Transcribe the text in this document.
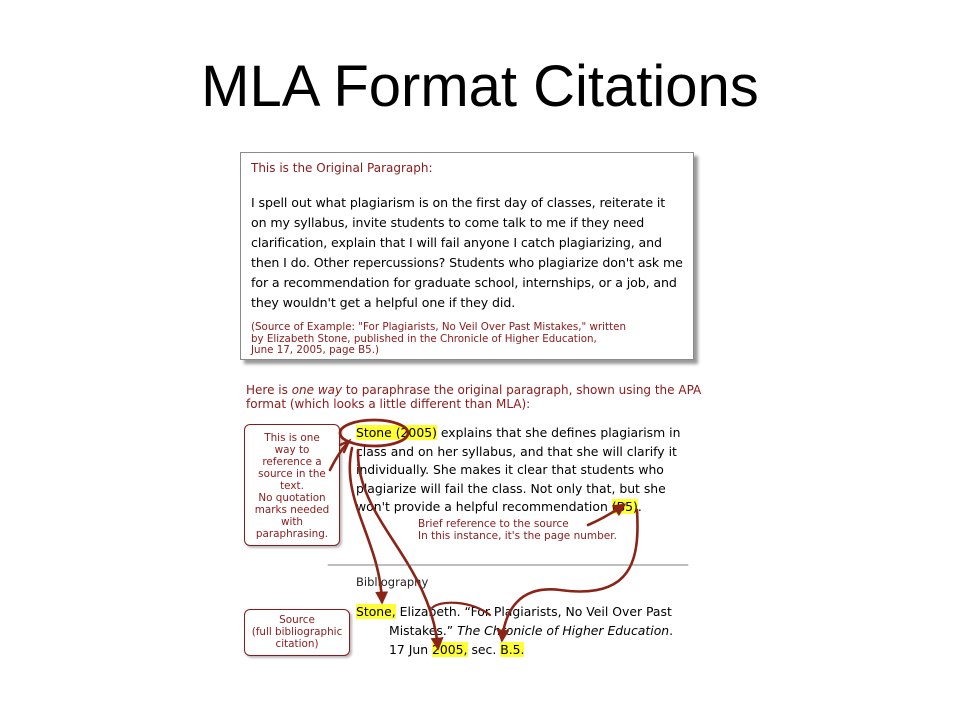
MLA Format Citations

This is the Original Paragraph:

I spell out what plagiarism is on the first day of classes, reiterate it on my syllabus, invite students to come talk to me if they need clarification, explain that I will fail anyone I catch plagiarizing, and then I do. Other repercussions? Students who plagiarize don't ask me for a recommendation for graduate school, internships, or a job, and they wouldn't get a helpful one if they did.

(Source of Example: "For Plagiarists, No Veil Over Past Mistakes," written
by Elizabeth Stone, published in the Chronicle of Higher Education,
June 17, 2005, page B5.)
Here is one way to paraphrase the original paragraph, shown using the APA format (which looks a little different than MLA):
Stone (2005) explains that she defines plagiarism in class and on her syllabus, and that she will clarify it individually. She makes it clear that students who plagiarize will fail the class. Not only that, but she won't provide a helpful recommendation (B5).
Brief reference to the source
In this instance, it's the page number.
Bibliography
Stone, Elizabeth. “For Plagiarists, No Veil Over Past
Mistakes.” The Chronicle of Higher Education.
17 Jun 2005, sec. B.5.
This is one
way to
reference a
source in the
text.
No quotation
marks needed
with
paraphrasing.
Source
(full bibliographic
citation)
